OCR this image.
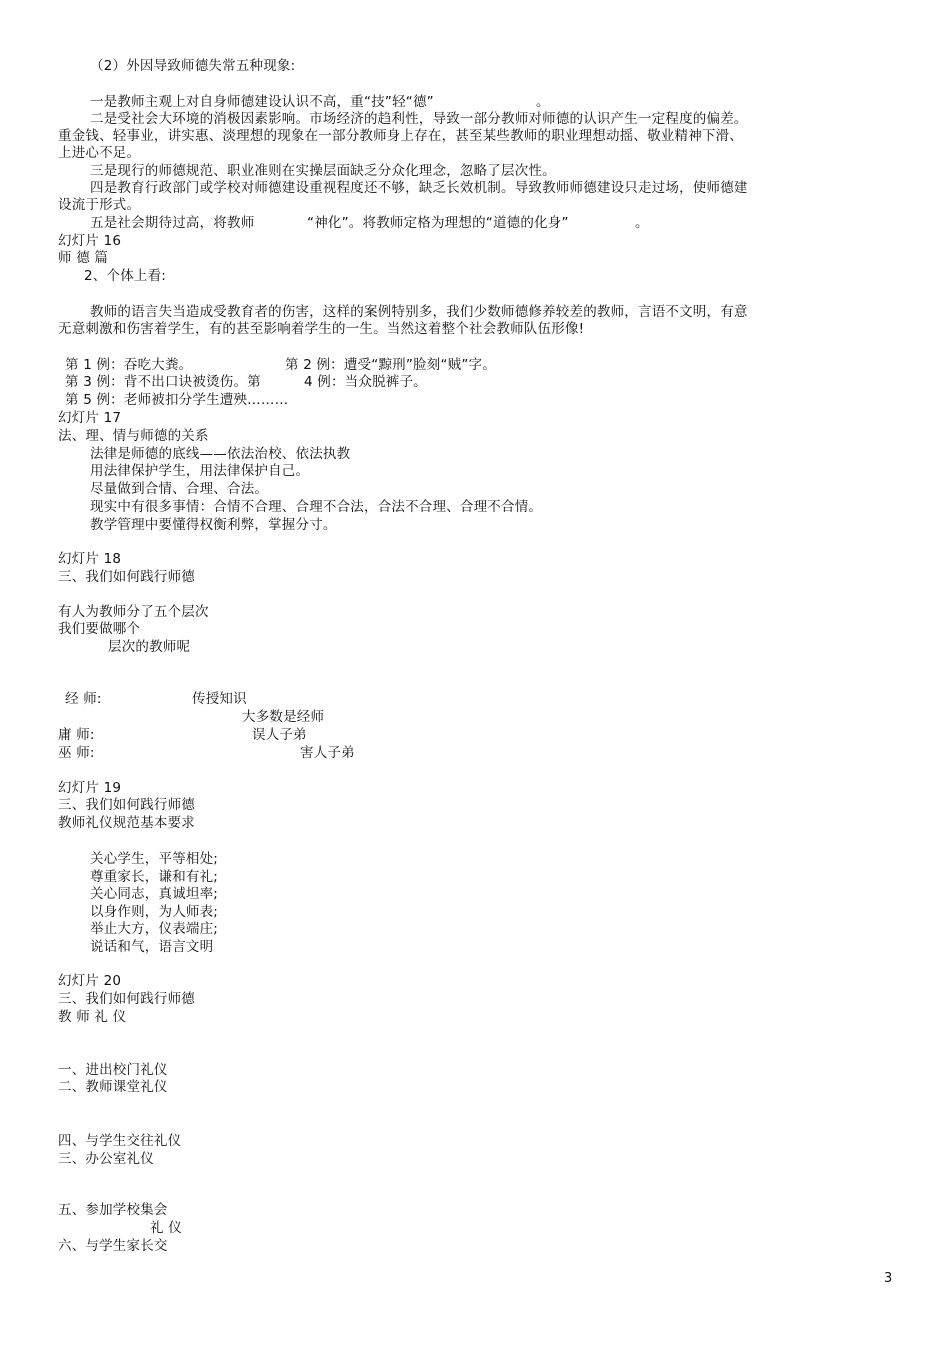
（2）外因导致师德失常五种现象:
一是教师主观上对自身师德建设认识不高，重“技”轻“德”	。
二是受社会大环境的消极因素影响。市场经济的趋利性，导致一部分教师对师德的认识产生一定程度的偏差。
重金钱、轻事业，讲实惠、淡理想的现象在一部分教师身上存在，甚至某些教师的职业理想动摇、敬业精神下滑、
上进心不足。
三是现行的师德规范、职业准则在实操层面缺乏分众化理念，忽略了层次性。
四是教育行政部门或学校对师德建设重视程度还不够，缺乏长效机制。导致教师师德建设只走过场，使师德建
设流于形式。
五是社会期待过高，将教师	“神化”。将教师定格为理想的“道德的化身”	。
幻灯片 16
师 德 篇
2、个体上看:
教师的语言失当造成受教育者的伤害，这样的案例特别多，我们少数师德修养较差的教师，言语不文明，有意
无意刺激和伤害着学生，有的甚至影响着学生的一生。当然这着整个社会教师队伍形像!
第 1 例：吞吃大粪。	第 2 例：遭受“黥刑”脸刻“贼”字。
第 3 例：背不出口诀被烫伤。第	4 例：当众脱裤子。
第 5 例：老师被扣分学生遭殃………
幻灯片 17
法、理、情与师德的关系
法律是师德的底线——依法治校、依法执教
用法律保护学生，用法律保护自己。
尽量做到合情、合理、合法。
现实中有很多事情：合情不合理、合理不合法，合法不合理、合理不合情。
教学管理中要懂得权衡利弊，掌握分寸。
幻灯片 18
三、我们如何践行师德
有人为教师分了五个层次
我们要做哪个
层次的教师呢
经 师:	传授知识
大多数是经师
庸 师:	误人子弟
巫 师:	害人子弟
幻灯片 19
三、我们如何践行师德
教师礼仪规范基本要求
关心学生，平等相处;
尊重家长，谦和有礼;
关心同志，真诚坦率;
以身作则，为人师表;
举止大方，仪表端庄;
说话和气，语言文明
幻灯片 20
三、我们如何践行师德
教 师 礼 仪
一、进出校门礼仪
二、教师课堂礼仪
四、与学生交往礼仪
三、办公室礼仪
五、参加学校集会
礼 仪
六、与学生家长交
3
